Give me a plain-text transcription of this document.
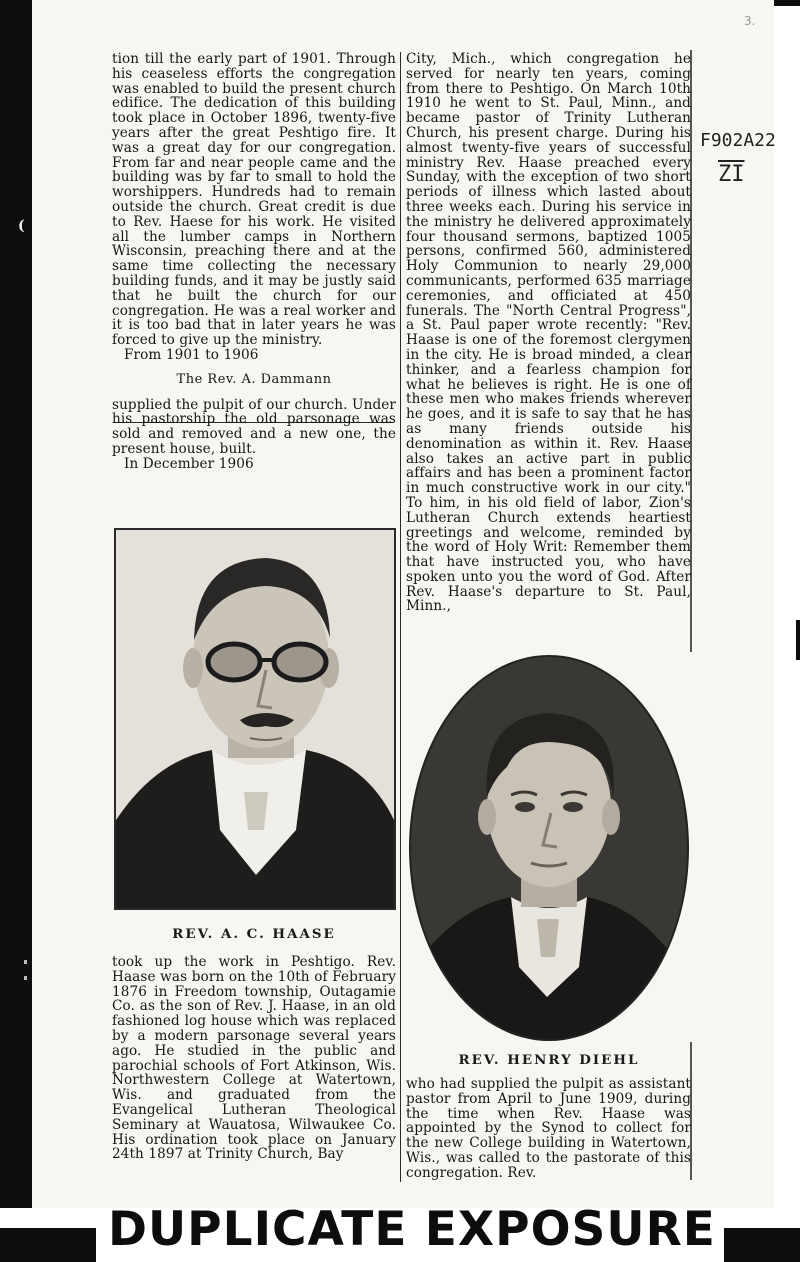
tion till the early part of 1901. Through his ceaseless efforts the congregation was enabled to build the present church edifice. The dedication of this building took place in October 1896, twenty-five years after the great Peshtigo fire. It was a great day for our congregation. From far and near people came and the building was by far to small to hold the worshippers. Hundreds had to remain outside the church. Great credit is due to Rev. Haese for his work. He visited all the lumber camps in Northern Wisconsin, preaching there and at the same time collecting the necessary building funds, and it may be justly said that he built the church for our congregation. He was a real worker and it is too bad that in later years he was forced to give up the ministry.

From 1901 to 1906

The Rev. A. Dammann

supplied the pulpit of our church. Under his pastorship the old parsonage was sold and removed and a new one, the present house, built.

In December 1906

REV. A. C. HAASE

took up the work in Peshtigo. Rev. Haase was born on the 10th of February 1876 in Freedom township, Outagamie Co. as the son of Rev. J. Haase, in an old fashioned log house which was replaced by a modern parsonage several years ago. He studied in the public and parochial schools of Fort Atkinson, Wis. Northwestern College at Watertown, Wis. and graduated from the Evangelical Lutheran Theological Seminary at Wauatosa, Wilwaukee Co. His ordination took place on January 24th 1897 at Trinity Church, Bay

City, Mich., which congregation he served for nearly ten years, coming from there to Peshtigo. On March 10th 1910 he went to St. Paul, Minn., and became pastor of Trinity Lutheran Church, his present charge. During his almost twenty-five years of successful ministry Rev. Haase preached every Sunday, with the exception of two short periods of illness which lasted about three weeks each. During his service in the ministry he delivered approximately four thousand sermons, baptized 1005 persons, confirmed 560, administered Holy Communion to nearly 29,000 communicants, performed 635 marriage ceremonies, and officiated at 450 funerals. The "North Central Progress", a St. Paul paper wrote recently: "Rev. Haase is one of the foremost clergymen in the city. He is broad minded, a clear thinker, and a fearless champion for what he believes is right. He is one of these men who makes friends wherever he goes, and it is safe to say that he has as many friends outside his denomination as within it. Rev. Haase also takes an active part in public affairs and has been a prominent factor in much constructive work in our city." To him, in his old field of labor, Zion's Lutheran Church extends heartiest greetings and welcome, reminded by the word of Holy Writ: Remember them that have instructed you, who have spoken unto you the word of God. After Rev. Haase's departure to St. Paul, Minn.,

REV. HENRY DIEHL

who had supplied the pulpit as assistant pastor from April to June 1909, during the time when Rev. Haase was appointed by the Synod to collect for the new College building in Watertown, Wis., was called to the pastorate of this congregation. Rev.

DUPLICATE EXPOSURE
F902A22
$\overline{ZI}$
3.
(
